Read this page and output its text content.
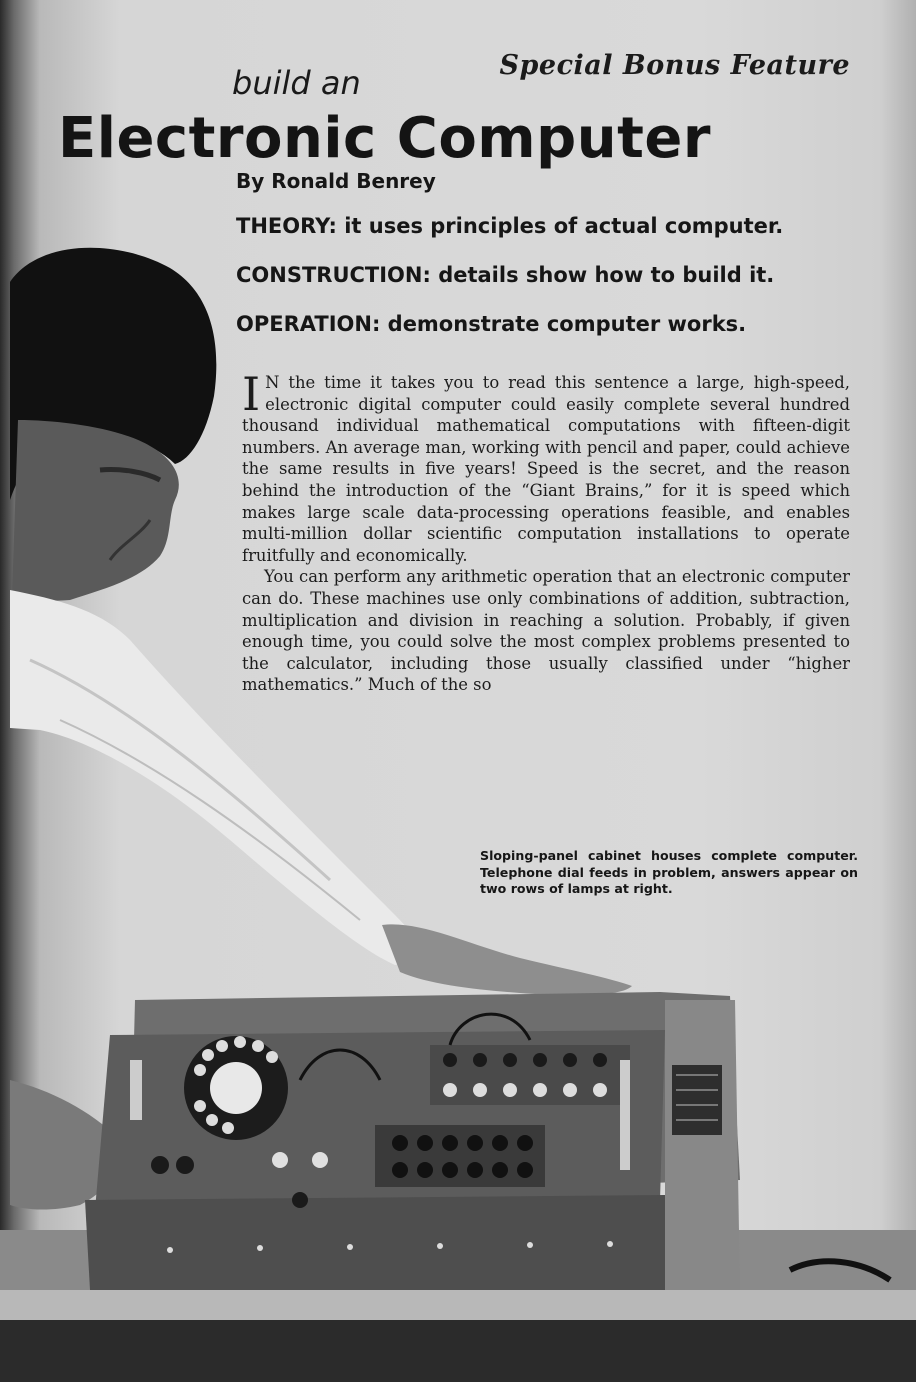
Special Bonus Feature
build an
Electronic Computer
By Ronald Benrey
THEORY: it uses principles of actual computer.
CONSTRUCTION: details show how to build it.
OPERATION: demonstrate computer works.

I N the time it takes you to read this sentence a large, high-speed, electronic digital computer could easily complete several hundred thousand individual mathematical computations with fifteen-digit numbers. An average man, working with pencil and paper, could achieve the same results in five years! Speed is the secret, and the reason behind the introduction of the “Giant Brains,” for it is speed which makes large scale data-processing operations feasible, and enables multi-million dollar scientific computation installations to operate fruitfully and economically.

You can perform any arithmetic operation that an electronic computer can do. These machines use only combinations of addition, subtraction, multiplication and division in reaching a solution. Probably, if given enough time, you could solve the most complex problems presented to the calculator, including those usually classified under “higher mathematics.” Much of the so

Sloping-panel cabinet houses complete computer. Telephone dial feeds in problem, answers appear on two rows of lamps at right.
